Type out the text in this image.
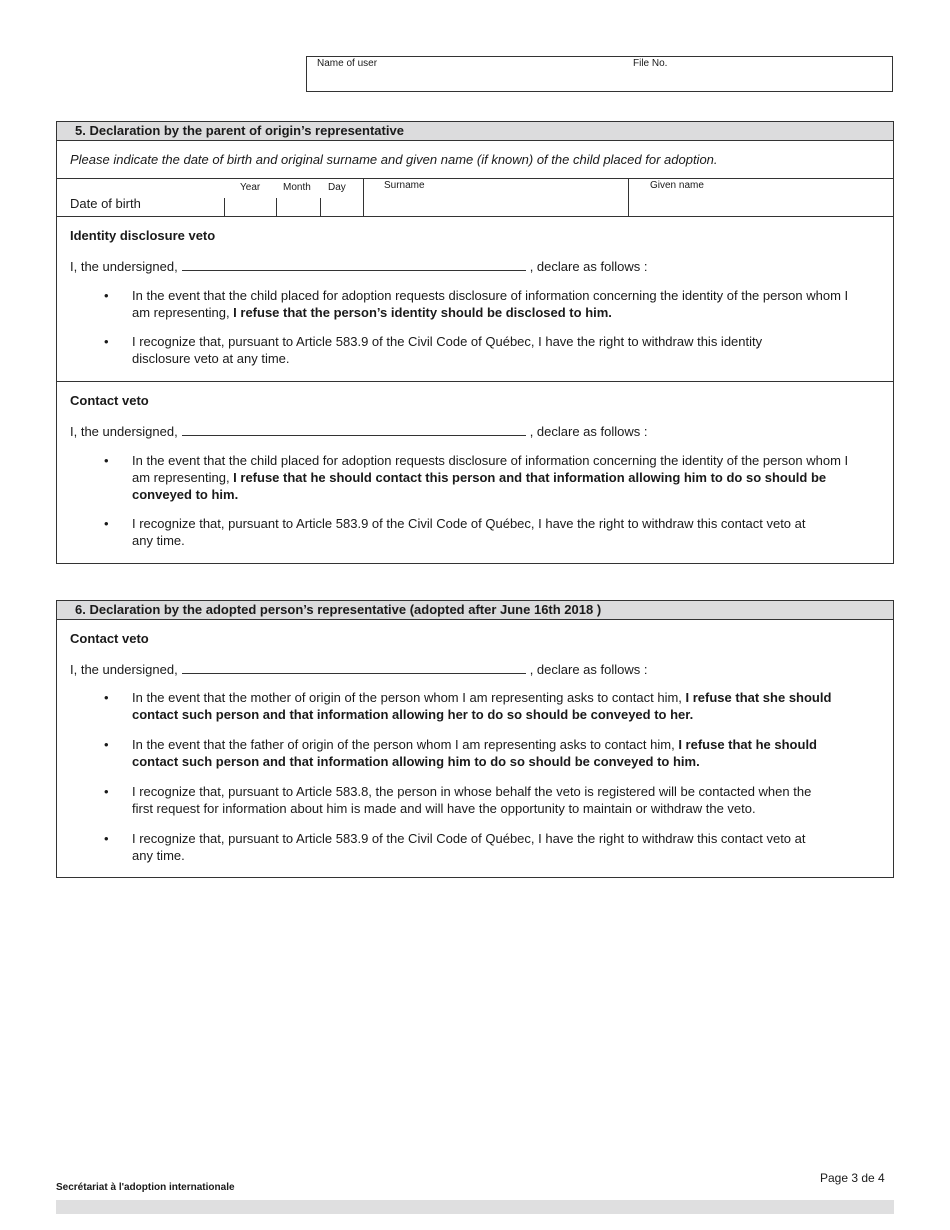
Name of user	File No.
5. Declaration by the parent of origin’s representative
Please indicate the date of birth and original surname and given name (if known) of the child placed for adoption.
Date of birth
Year Month Day	Surname	Given name
Identity disclosure veto
I, the undersigned,	, declare as follows :
• In the event that the child placed for adoption requests disclosure of information concerning the identity of the person whom I am representing, I refuse that the person’s identity should be disclosed to him.
• I recognize that, pursuant to Article 583.9 of the Civil Code of Québec, I have the right to withdraw this identity disclosure veto at any time.
Contact veto
I, the undersigned,	, declare as follows :
• In the event that the child placed for adoption requests disclosure of information concerning the identity of the person whom I am representing, I refuse that he should contact this person and that information allowing him to do so should be conveyed to him.
• I recognize that, pursuant to Article 583.9 of the Civil Code of Québec, I have the right to withdraw this contact veto at any time.
6. Declaration by the adopted person’s representative (adopted after June 16th 2018 )
Contact veto
I, the undersigned,	, declare as follows :
• In the event that the mother of origin of the person whom I am representing asks to contact him, I refuse that she should contact such person and that information allowing her to do so should be conveyed to her.
• In the event that the father of origin of the person whom I am representing asks to contact him, I refuse that he should contact such person and that information allowing him to do so should be conveyed to him.
• I recognize that, pursuant to Article 583.8, the person in whose behalf the veto is registered will be contacted when the first request for information about him is made and will have the opportunity to maintain or withdraw the veto.
• I recognize that, pursuant to Article 583.9 of the Civil Code of Québec, I have the right to withdraw this contact veto at any time.
Page 3 de 4
Secrétariat à l'adoption internationale
